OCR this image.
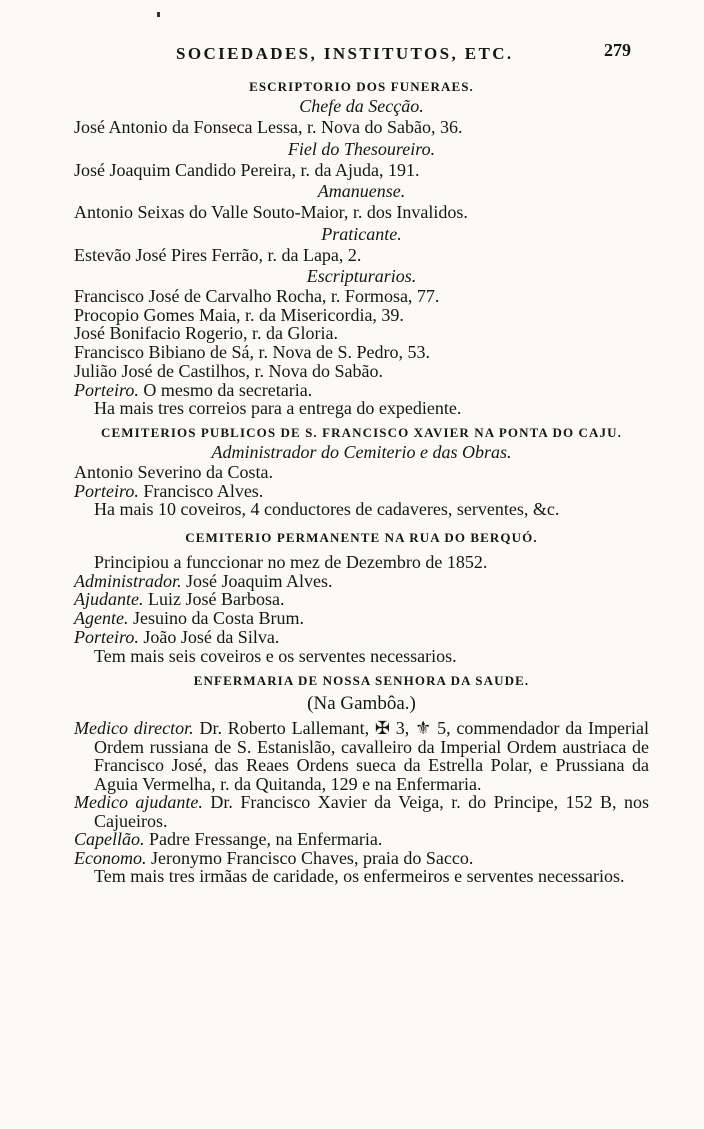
SOCIEDADES, INSTITUTOS, ETC.	279
ESCRIPTORIO DOS FUNERAES.
Chefe da Secção.
José Antonio da Fonseca Lessa, r. Nova do Sabão, 36.
Fiel do Thesoureiro.
José Joaquim Candido Pereira, r. da Ajuda, 191.
Amanuense.
Antonio Seixas do Valle Souto-Maior, r. dos Invalidos.
Praticante.
Estevão José Pires Ferrão, r. da Lapa, 2.
Escripturarios.
Francisco José de Carvalho Rocha, r. Formosa, 77.
Procopio Gomes Maia, r. da Misericordia, 39.
José Bonifacio Rogerio, r. da Gloria.
Francisco Bibiano de Sá, r. Nova de S. Pedro, 53.
Julião José de Castilhos, r. Nova do Sabão.
Porteiro. O mesmo da secretaria.
Ha mais tres correios para a entrega do expediente.
CEMITERIOS PUBLICOS DE S. FRANCISCO XAVIER NA PONTA DO CAJU.
Administrador do Cemiterio e das Obras.
Antonio Severino da Costa.
Porteiro. Francisco Alves.
Ha mais 10 coveiros, 4 conductores de cadaveres, serventes, &c.
CEMITERIO PERMANENTE NA RUA DO BERQUÓ.
Principiou a funccionar no mez de Dezembro de 1852.
Administrador. José Joaquim Alves.
Ajudante. Luiz José Barbosa.
Agente. Jesuino da Costa Brum.
Porteiro. João José da Silva.
Tem mais seis coveiros e os serventes necessarios.
ENFERMARIA DE NOSSA SENHORA DA SAUDE.
(Na Gambôa.)
Medico director. Dr. Roberto Lallemant, ✠ 3, ⚜ 5, commendador da Imperial Ordem russiana de S. Estanislão, cavalleiro da Imperial Ordem austriaca de Francisco José, das Reaes Ordens sueca da Estrella Polar, e Prussiana da Aguia Vermelha, r. da Quitanda, 129 e na Enfermaria.
Medico ajudante. Dr. Francisco Xavier da Veiga, r. do Principe, 152 B, nos Cajueiros.
Capellão. Padre Fressange, na Enfermaria.
Economo. Jeronymo Francisco Chaves, praia do Sacco.
Tem mais tres irmãas de caridade, os enfermeiros e serventes necessarios.
